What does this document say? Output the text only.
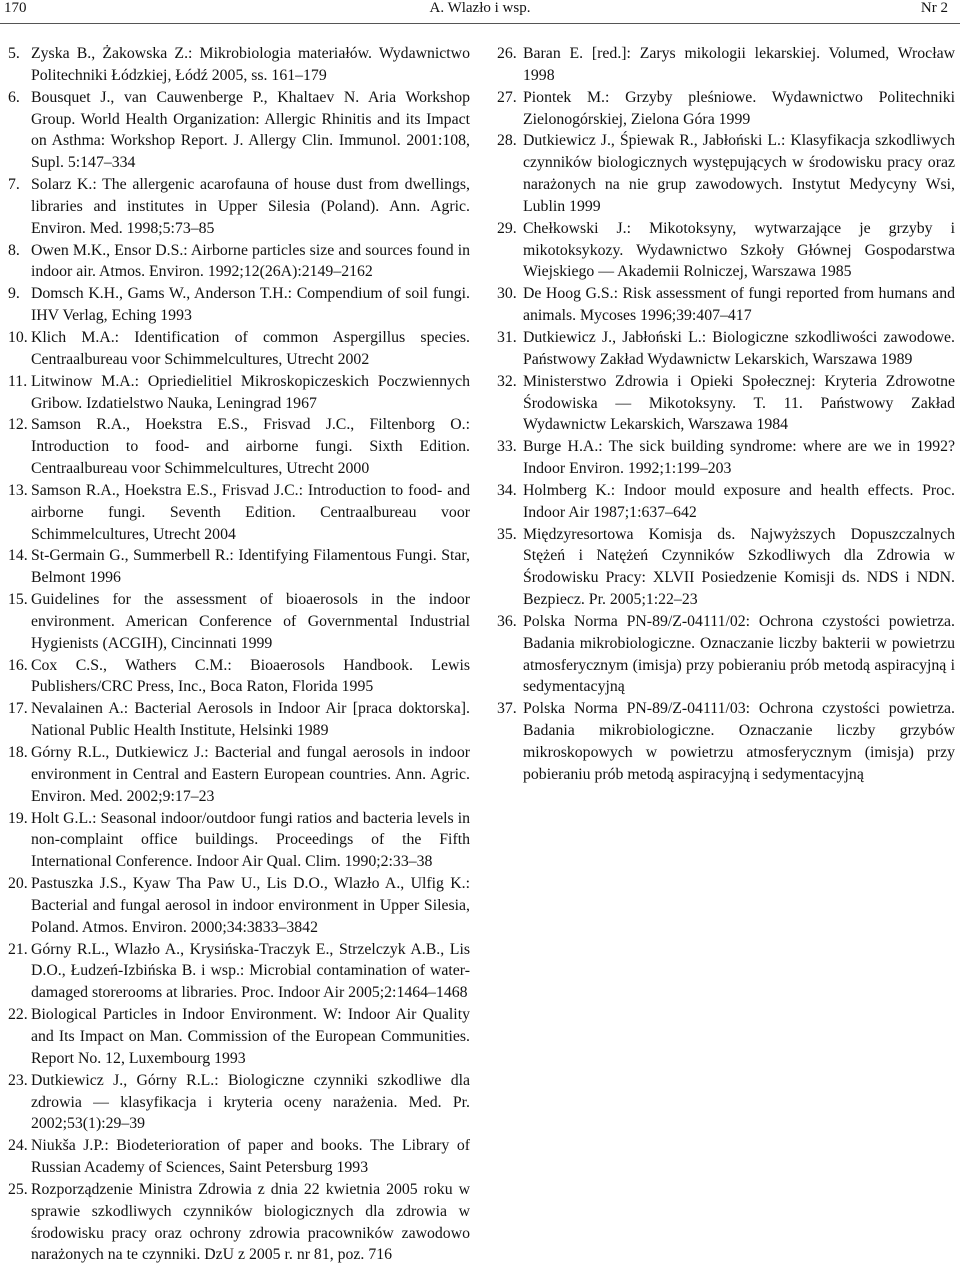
170	A. Wlazło i wsp.	Nr 2
5. Zyska B., Żakowska Z.: Mikrobiologia materiałów. Wydawnictwo Politechniki Łódzkiej, Łódź 2005, ss. 161–179
6. Bousquet J., van Cauwenberge P., Khaltaev N. Aria Workshop Group. World Health Organization: Allergic Rhinitis and its Impact on Asthma: Workshop Report. J. Allergy Clin. Immunol. 2001:108, Supl. 5:147–334
7. Solarz K.: The allergenic acarofauna of house dust from dwellings, libraries and institutes in Upper Silesia (Poland). Ann. Agric. Environ. Med. 1998;5:73–85
8. Owen M.K., Ensor D.S.: Airborne particles size and sources found in indoor air. Atmos. Environ. 1992;12(26A):2149–2162
9. Domsch K.H., Gams W., Anderson T.H.: Compendium of soil fungi. IHV Verlag, Eching 1993
10. Klich M.A.: Identification of common Aspergillus species. Centraalbureau voor Schimmelcultures, Utrecht 2002
11. Litwinow M.A.: Opriedielitiel Mikroskopiczeskich Poczwiennych Gribow. Izdatielstwo Nauka, Leningrad 1967
12. Samson R.A., Hoekstra E.S., Frisvad J.C., Filtenborg O.: Introduction to food- and airborne fungi. Sixth Edition. Centraalbureau voor Schimmelcultures, Utrecht 2000
13. Samson R.A., Hoekstra E.S., Frisvad J.C.: Introduction to food- and airborne fungi. Seventh Edition. Centraalbureau voor Schimmelcultures, Utrecht 2004
14. St-Germain G., Summerbell R.: Identifying Filamentous Fungi. Star, Belmont 1996
15. Guidelines for the assessment of bioaerosols in the indoor environment. American Conference of Governmental Industrial Hygienists (ACGIH), Cincinnati 1999
16. Cox C.S., Wathers C.M.: Bioaerosols Handbook. Lewis Publishers/CRC Press, Inc., Boca Raton, Florida 1995
17. Nevalainen A.: Bacterial Aerosols in Indoor Air [praca doktorska]. National Public Health Institute, Helsinki 1989
18. Górny R.L., Dutkiewicz J.: Bacterial and fungal aerosols in indoor environment in Central and Eastern European countries. Ann. Agric. Environ. Med. 2002;9:17–23
19. Holt G.L.: Seasonal indoor/outdoor fungi ratios and bacteria levels in non-complaint office buildings. Proceedings of the Fifth International Conference. Indoor Air Qual. Clim. 1990;2:33–38
20. Pastuszka J.S., Kyaw Tha Paw U., Lis D.O., Wlazło A., Ulfig K.: Bacterial and fungal aerosol in indoor environment in Upper Silesia, Poland. Atmos. Environ. 2000;34:3833–3842
21. Górny R.L., Wlazło A., Krysińska-Traczyk E., Strzelczyk A.B., Lis D.O., Łudzeń-Izbińska B. i wsp.: Microbial contamination of water-damaged storerooms at libraries. Proc. Indoor Air 2005;2:1464–1468
22. Biological Particles in Indoor Environment. W: Indoor Air Quality and Its Impact on Man. Commission of the European Communities. Report No. 12, Luxembourg 1993
23. Dutkiewicz J., Górny R.L.: Biologiczne czynniki szkodliwe dla zdrowia — klasyfikacja i kryteria oceny narażenia. Med. Pr. 2002;53(1):29–39
24. Niukša J.P.: Biodeterioration of paper and books. The Library of Russian Academy of Sciences, Saint Petersburg 1993
25. Rozporządzenie Ministra Zdrowia z dnia 22 kwietnia 2005 roku w sprawie szkodliwych czynników biologicznych dla zdrowia w środowisku pracy oraz ochrony zdrowia pracowników zawodowo narażonych na te czynniki. DzU z 2005 r. nr 81, poz. 716
26. Baran E. [red.]: Zarys mikologii lekarskiej. Volumed, Wrocław 1998
27. Piontek M.: Grzyby pleśniowe. Wydawnictwo Politechniki Zielonogórskiej, Zielona Góra 1999
28. Dutkiewicz J., Śpiewak R., Jabłoński L.: Klasyfikacja szkodliwych czynników biologicznych występujących w środowisku pracy oraz narażonych na nie grup zawodowych. Instytut Medycyny Wsi, Lublin 1999
29. Chełkowski J.: Mikotoksyny, wytwarzające je grzyby i mikotoksykozy. Wydawnictwo Szkoły Głównej Gospodarstwa Wiejskiego — Akademii Rolniczej, Warszawa 1985
30. De Hoog G.S.: Risk assessment of fungi reported from humans and animals. Mycoses 1996;39:407–417
31. Dutkiewicz J., Jabłoński L.: Biologiczne szkodliwości zawodowe. Państwowy Zakład Wydawnictw Lekarskich, Warszawa 1989
32. Ministerstwo Zdrowia i Opieki Społecznej: Kryteria Zdrowotne Środowiska — Mikotoksyny. T. 11. Państwowy Zakład Wydawnictw Lekarskich, Warszawa 1984
33. Burge H.A.: The sick building syndrome: where are we in 1992? Indoor Environ. 1992;1:199–203
34. Holmberg K.: Indoor mould exposure and health effects. Proc. Indoor Air 1987;1:637–642
35. Międzyresortowa Komisja ds. Najwyższych Dopuszczalnych Stężeń i Natężeń Czynników Szkodliwych dla Zdrowia w Środowisku Pracy: XLVII Posiedzenie Komisji ds. NDS i NDN. Bezpiecz. Pr. 2005;1:22–23
36. Polska Norma PN-89/Z-04111/02: Ochrona czystości powietrza. Badania mikrobiologiczne. Oznaczanie liczby bakterii w powietrzu atmosferycznym (imisja) przy pobieraniu prób metodą aspiracyjną i sedymentacyjną
37. Polska Norma PN-89/Z-04111/03: Ochrona czystości powietrza. Badania mikrobiologiczne. Oznaczanie liczby grzybów mikroskopowych w powietrzu atmosferycznym (imisja) przy pobieraniu prób metodą aspiracyjną i sedymentacyjną
